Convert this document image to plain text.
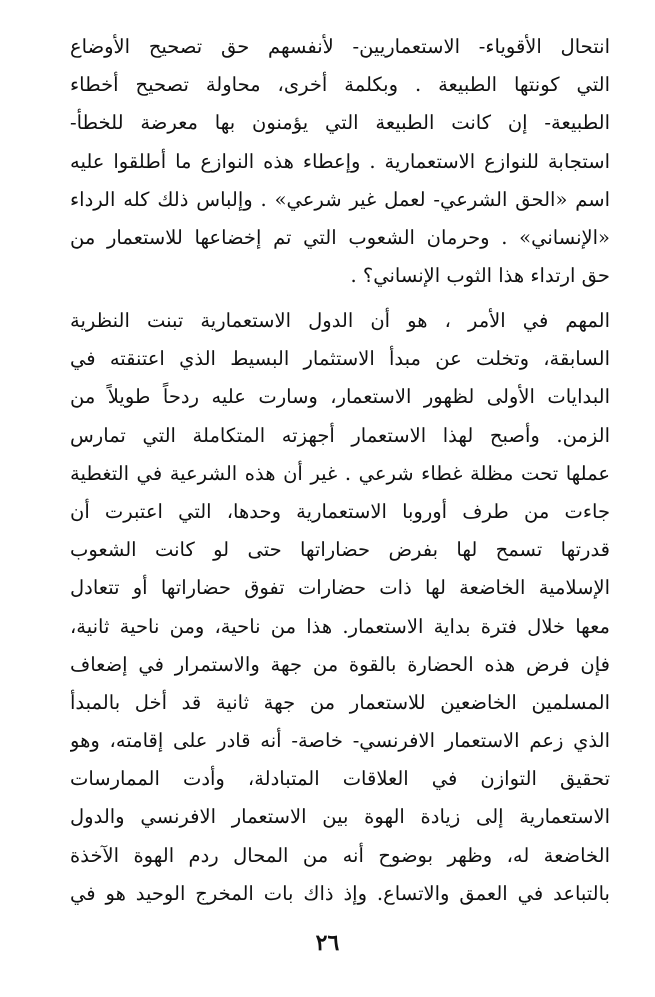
انتحال الأقوياء- الاستعماريين- لأنفسهم حق تصحيح الأوضاع
التي كونتها الطبيعة . وبكلمة أخرى، محاولة تصحيح أخطاء
الطبيعة- إن كانت الطبيعة التي يؤمنون بها معرضة للخطأ-
استجابة للنوازع الاستعمارية . وإعطاء هذه النوازع ما أطلقوا عليه
اسم «الحق الشرعي- لعمل غير شرعي» . وإلباس ذلك كله الرداء
«الإنساني» . وحرمان الشعوب التي تم إخضاعها للاستعمار من
حق ارتداء هذا الثوب الإنساني؟ .
المهم في الأمر ، هو أن الدول الاستعمارية تبنت النظرية
السابقة، وتخلت عن مبدأ الاستثمار البسيط الذي اعتنقته في
البدايات الأولى لظهور الاستعمار، وسارت عليه ردحاً طويلاً من
الزمن. وأصبح لهذا الاستعمار أجهزته المتكاملة التي تمارس
عملها تحت مظلة غطاء شرعي . غير أن هذه الشرعية في التغطية
جاءت من طرف أوروبا الاستعمارية وحدها، التي اعتبرت أن
قدرتها تسمح لها بفرض حضاراتها حتى لو كانت الشعوب
الإسلامية الخاضعة لها ذات حضارات تفوق حضاراتها أو تتعادل
معها خلال فترة بداية الاستعمار. هذا من ناحية، ومن ناحية ثانية،
فإن فرض هذه الحضارة بالقوة من جهة والاستمرار في إضعاف
المسلمين الخاضعين للاستعمار من جهة ثانية قد أخل بالمبدأ
الذي زعم الاستعمار الافرنسي- خاصة- أنه قادر على إقامته، وهو
تحقيق التوازن في العلاقات المتبادلة، وأدت الممارسات
الاستعمارية إلى زيادة الهوة بين الاستعمار الافرنسي والدول
الخاضعة له، وظهر بوضوح أنه من المحال ردم الهوة الآخذة
بالتباعد في العمق والاتساع. وإذ ذاك بات المخرج الوحيد هو في
٢٦
